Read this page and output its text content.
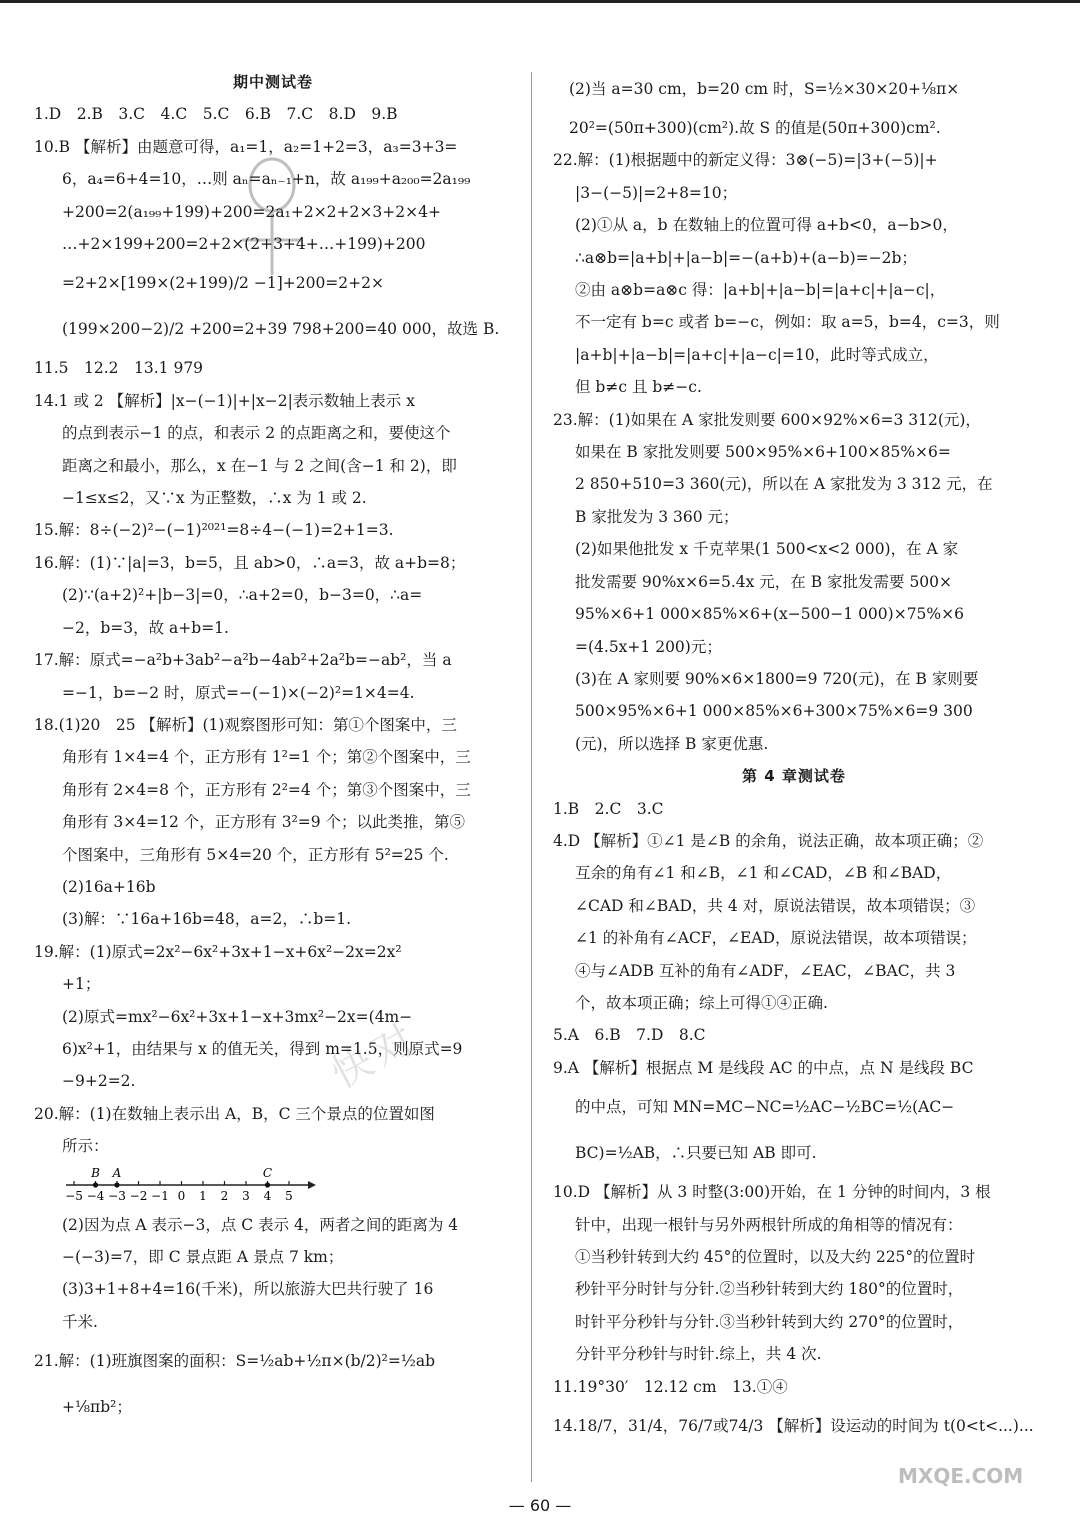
快对
期中测试卷
1.D　2.B　3.C　4.C　5.C　6.B　7.C　8.D　9.B
10.B 【解析】由题意可得，a₁=1，a₂=1+2=3，a₃=3+3=
6，a₄=6+4=10，…则 aₙ=aₙ₋₁+n，故 a₁₉₉+a₂₀₀=2a₁₉₉
+200=2(a₁₉₉+199)+200=2a₁+2×2+2×3+2×4+
…+2×199+200=2+2×(2+3+4+…+199)+200
=2+2×[199×(2+199)/2 −1]+200=2+2×
(199×200−2)/2 +200=2+39 798+200=40 000，故选 B.
11.5　12.2　13.1 979
14.1 或 2 【解析】|x−(−1)|+|x−2|表示数轴上表示 x
的点到表示−1 的点，和表示 2 的点距离之和，要使这个
距离之和最小，那么，x 在−1 与 2 之间(含−1 和 2)，即
−1≤x≤2，又∵x 为正整数，∴x 为 1 或 2.
15.解：8÷(−2)²−(−1)²⁰²¹=8÷4−(−1)=2+1=3.
16.解：(1)∵|a|=3，b=5，且 ab>0，∴a=3，故 a+b=8；
(2)∵(a+2)²+|b−3|=0，∴a+2=0，b−3=0，∴a=
−2，b=3，故 a+b=1.
17.解：原式=−a²b+3ab²−a²b−4ab²+2a²b=−ab²，当 a
=−1，b=−2 时，原式=−(−1)×(−2)²=1×4=4.
18.(1)20　25 【解析】(1)观察图形可知：第①个图案中，三
角形有 1×4=4 个，正方形有 1²=1 个；第②个图案中，三
角形有 2×4=8 个，正方形有 2²=4 个；第③个图案中，三
角形有 3×4=12 个，正方形有 3²=9 个；以此类推，第⑤
个图案中，三角形有 5×4=20 个，正方形有 5²=25 个.
(2)16a+16b
(3)解：∵16a+16b=48，a=2，∴b=1.
19.解：(1)原式=2x²−6x²+3x+1−x+6x²−2x=2x²
+1；
(2)原式=mx²−6x²+3x+1−x+3mx²−2x=(4m−
6)x²+1，由结果与 x 的值无关，得到 m=1.5，则原式=9
−9+2=2.
20.解：(1)在数轴上表示出 A，B，C 三个景点的位置如图
所示：
−5 −4 −3 −2 −1 0 1 2 3 4 5
B A	C
(2)因为点 A 表示−3，点 C 表示 4，两者之间的距离为 4
−(−3)=7，即 C 景点距 A 景点 7 km；
(3)3+1+8+4=16(千米)，所以旅游大巴共行驶了 16
千米.
21.解：(1)班旗图案的面积：S=½ab+½π×(b/2)²=½ab
+⅛πb²；
(2)当 a=30 cm，b=20 cm 时，S=½×30×20+⅛π×
20²=(50π+300)(cm²).故 S 的值是(50π+300)cm².
22.解：(1)根据题中的新定义得：3⊗(−5)=|3+(−5)|+
|3−(−5)|=2+8=10；
(2)①从 a，b 在数轴上的位置可得 a+b<0，a−b>0，
∴a⊗b=|a+b|+|a−b|=−(a+b)+(a−b)=−2b；
②由 a⊗b=a⊗c 得：|a+b|+|a−b|=|a+c|+|a−c|，
不一定有 b=c 或者 b=−c，例如：取 a=5，b=4，c=3，则
|a+b|+|a−b|=|a+c|+|a−c|=10，此时等式成立，
但 b≠c 且 b≠−c.
23.解：(1)如果在 A 家批发则要 600×92%×6=3 312(元)，
如果在 B 家批发则要 500×95%×6+100×85%×6=
2 850+510=3 360(元)，所以在 A 家批发为 3 312 元，在
B 家批发为 3 360 元；
(2)如果他批发 x 千克苹果(1 500<x<2 000)，在 A 家
批发需要 90%x×6=5.4x 元，在 B 家批发需要 500×
95%×6+1 000×85%×6+(x−500−1 000)×75%×6
=(4.5x+1 200)元；
(3)在 A 家则要 90%×6×1800=9 720(元)，在 B 家则要
500×95%×6+1 000×85%×6+300×75%×6=9 300
(元)，所以选择 B 家更优惠.
第 4 章测试卷
1.B　2.C　3.C
4.D 【解析】①∠1 是∠B 的余角，说法正确，故本项正确；②
互余的角有∠1 和∠B，∠1 和∠CAD，∠B 和∠BAD，
∠CAD 和∠BAD，共 4 对，原说法错误，故本项错误；③
∠1 的补角有∠ACF，∠EAD，原说法错误，故本项错误；
④与∠ADB 互补的角有∠ADF，∠EAC，∠BAC，共 3
个，故本项正确；综上可得①④正确.
5.A　6.B　7.D　8.C
9.A 【解析】根据点 M 是线段 AC 的中点，点 N 是线段 BC
的中点，可知 MN=MC−NC=½AC−½BC=½(AC−
BC)=½AB，∴只要已知 AB 即可.
10.D 【解析】从 3 时整(3:00)开始，在 1 分钟的时间内，3 根
针中，出现一根针与另外两根针所成的角相等的情况有：
①当秒针转到大约 45°的位置时，以及大约 225°的位置时
秒针平分时针与分针.②当秒针转到大约 180°的位置时，
时针平分秒针与分针.③当秒针转到大约 270°的位置时，
分针平分秒针与时针.综上，共 4 次.
11.19°30′　12.12 cm　13.①④
14.18/7，31/4，76/7或74/3 【解析】设运动的时间为 t(0<t<...)...
— 60 —
MXQE.COM
